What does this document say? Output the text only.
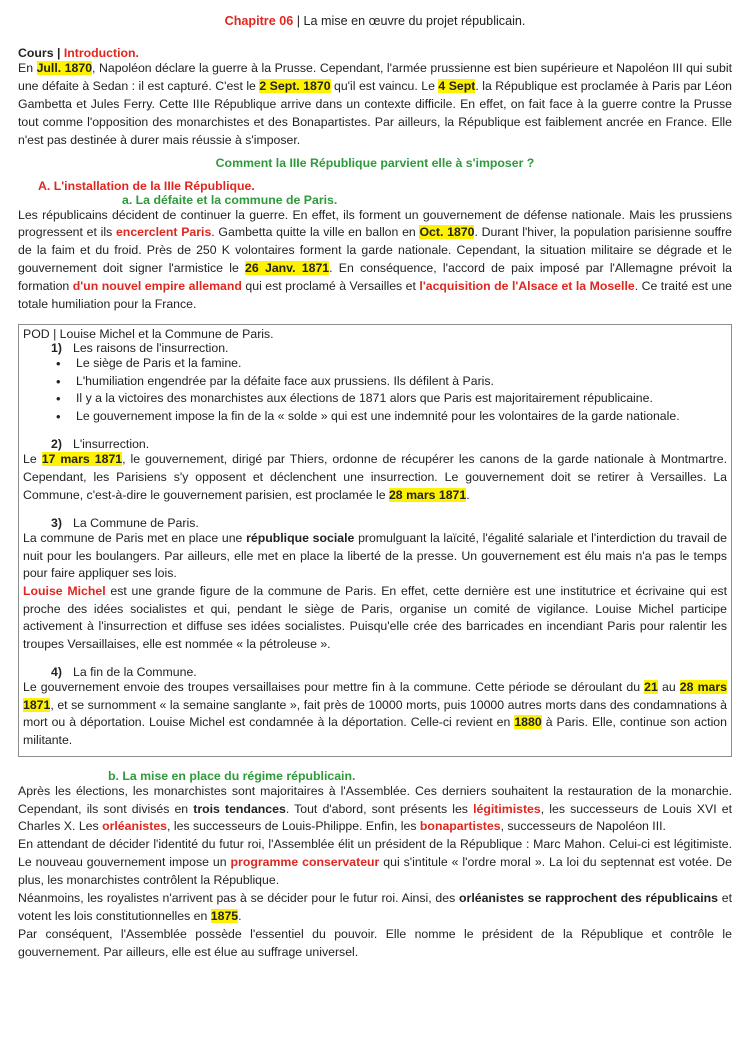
Chapitre 06 | La mise en œuvre du projet républicain.
Cours | Introduction.

En Jull. 1870, Napoléon déclare la guerre à la Prusse. Cependant, l'armée prussienne est bien supérieure et Napoléon III qui subit une défaite à Sedan : il est capturé. C'est le 2 Sept. 1870 qu'il est vaincu. Le 4 Sept. la République est proclamée à Paris par Léon Gambetta et Jules Ferry. Cette IIIe République arrive dans un contexte difficile. En effet, on fait face à la guerre contre la Prusse tout comme l'opposition des monarchistes et des Bonapartistes. Par ailleurs, la République est faiblement ancrée en France. Elle n'est pas destinée à durer mais réussie à s'imposer.

Comment la IIIe République parvient elle à s'imposer ?
A. L'installation de la IIIe République.
a. La défaite et la commune de Paris.

Les républicains décident de continuer la guerre. En effet, ils forment un gouvernement de défense nationale. Mais les prussiens progressent et ils encerclent Paris. Gambetta quitte la ville en ballon en Oct. 1870. Durant l'hiver, la population parisienne souffre de la faim et du froid. Près de 250 K volontaires forment la garde nationale. Cependant, la situation militaire se dégrade et le gouvernement doit signer l'armistice le 26 Janv. 1871. En conséquence, l'accord de paix imposé par l'Allemagne prévoit la formation d'un nouvel empire allemand qui est proclamé à Versailles et l'acquisition de l'Alsace et la Moselle. Ce traité est une totale humiliation pour la France.

POD | Louise Michel et la Commune de Paris.
1) Les raisons de l'insurrection.
• Le siège de Paris et la famine.
• L'humiliation engendrée par la défaite face aux prussiens. Ils défilent à Paris.
• Il y a la victoires des monarchistes aux élections de 1871 alors que Paris est majoritairement républicaine.
• Le gouvernement impose la fin de la « solde » qui est une indemnité pour les volontaires de la garde nationale.
2) L'insurrection.

Le 17 mars 1871, le gouvernement, dirigé par Thiers, ordonne de récupérer les canons de la garde nationale à Montmartre. Cependant, les Parisiens s'y opposent et déclenchent une insurrection. Le gouvernement doit se retirer à Versailles. La Commune, c'est-à-dire le gouvernement parisien, est proclamée le 28 mars 1871.

3) La Commune de Paris.

La commune de Paris met en place une république sociale promulguant la laïcité, l'égalité salariale et l'interdiction du travail de nuit pour les boulangers. Par ailleurs, elle met en place la liberté de la presse. Un gouvernement est élu mais n'a pas le temps pour faire appliquer ses lois.

Louise Michel est une grande figure de la commune de Paris. En effet, cette dernière est une institutrice et écrivaine qui est proche des idées socialistes et qui, pendant le siège de Paris, organise un comité de vigilance. Louise Michel participe activement à l'insurrection et diffuse ses idées socialistes. Puisqu'elle crée des barricades en incendiant Paris pour ralentir les troupes Versaillaises, elle est nommée « la pétroleuse ».

4) La fin de la Commune.

Le gouvernement envoie des troupes versaillaises pour mettre fin à la commune. Cette période se déroulant du 21 au 28 mars 1871, et se surnomment « la semaine sanglante », fait près de 10000 morts, puis 10000 autres morts dans des condamnations à mort ou à déportation. Louise Michel est condamnée à la déportation. Celle-ci revient en 1880 à Paris. Elle, continue son action militante.

b. La mise en place du régime républicain.

Après les élections, les monarchistes sont majoritaires à l'Assemblée. Ces derniers souhaitent la restauration de la monarchie. Cependant, ils sont divisés en trois tendances. Tout d'abord, sont présents les légitimistes, les successeurs de Louis XVI et Charles X. Les orléanistes, les successeurs de Louis-Philippe. Enfin, les bonapartistes, successeurs de Napoléon III.

En attendant de décider l'identité du futur roi, l'Assemblée élit un président de la République : Marc Mahon. Celui-ci est légitimiste. Le nouveau gouvernement impose un programme conservateur qui s'intitule « l'ordre moral ». La loi du septennat est votée. De plus, les monarchistes contrôlent la République.

Néanmoins, les royalistes n'arrivent pas à se décider pour le futur roi. Ainsi, des orléanistes se rapprochent des républicains et votent les lois constitutionnelles en 1875.

Par conséquent, l'Assemblée possède l'essentiel du pouvoir. Elle nomme le président de la République et contrôle le gouvernement. Par ailleurs, elle est élue au suffrage universel.
